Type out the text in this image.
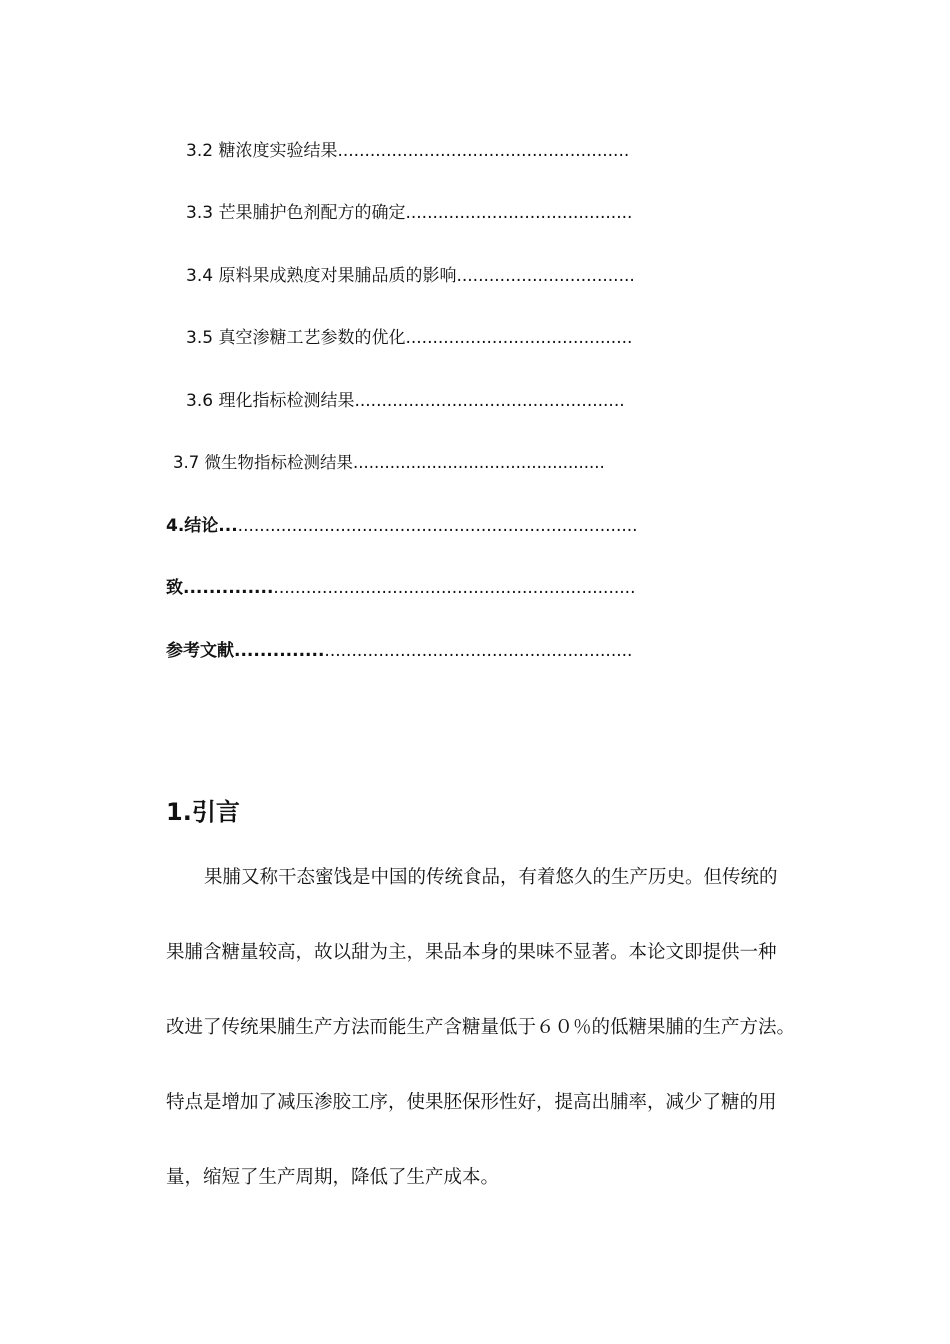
3.2 糖浓度实验结果......................................................

3.3 芒果脯护色剂配方的确定..........................................

3.4 原料果成熟度对果脯品质的影响.................................

3.5 真空渗糖工艺参数的优化..........................................

3.6 理化指标检测结果..................................................

3.7 微生物指标检测结果................................................

4.结论.............................................................................

致.................................................................................

参考文献.......................................................................

1.引言

果脯又称干态蜜饯是中国的传统食品，有着悠久的生产历史。但传统的

果脯含糖量较高，故以甜为主，果品本身的果味不显著。本论文即提供一种

改进了传统果脯生产方法而能生产含糖量低于６０％的低糖果脯的生产方法。

特点是增加了减压渗胶工序，使果胚保形性好，提高出脯率，减少了糖的用

量，缩短了生产周期，降低了生产成本。
